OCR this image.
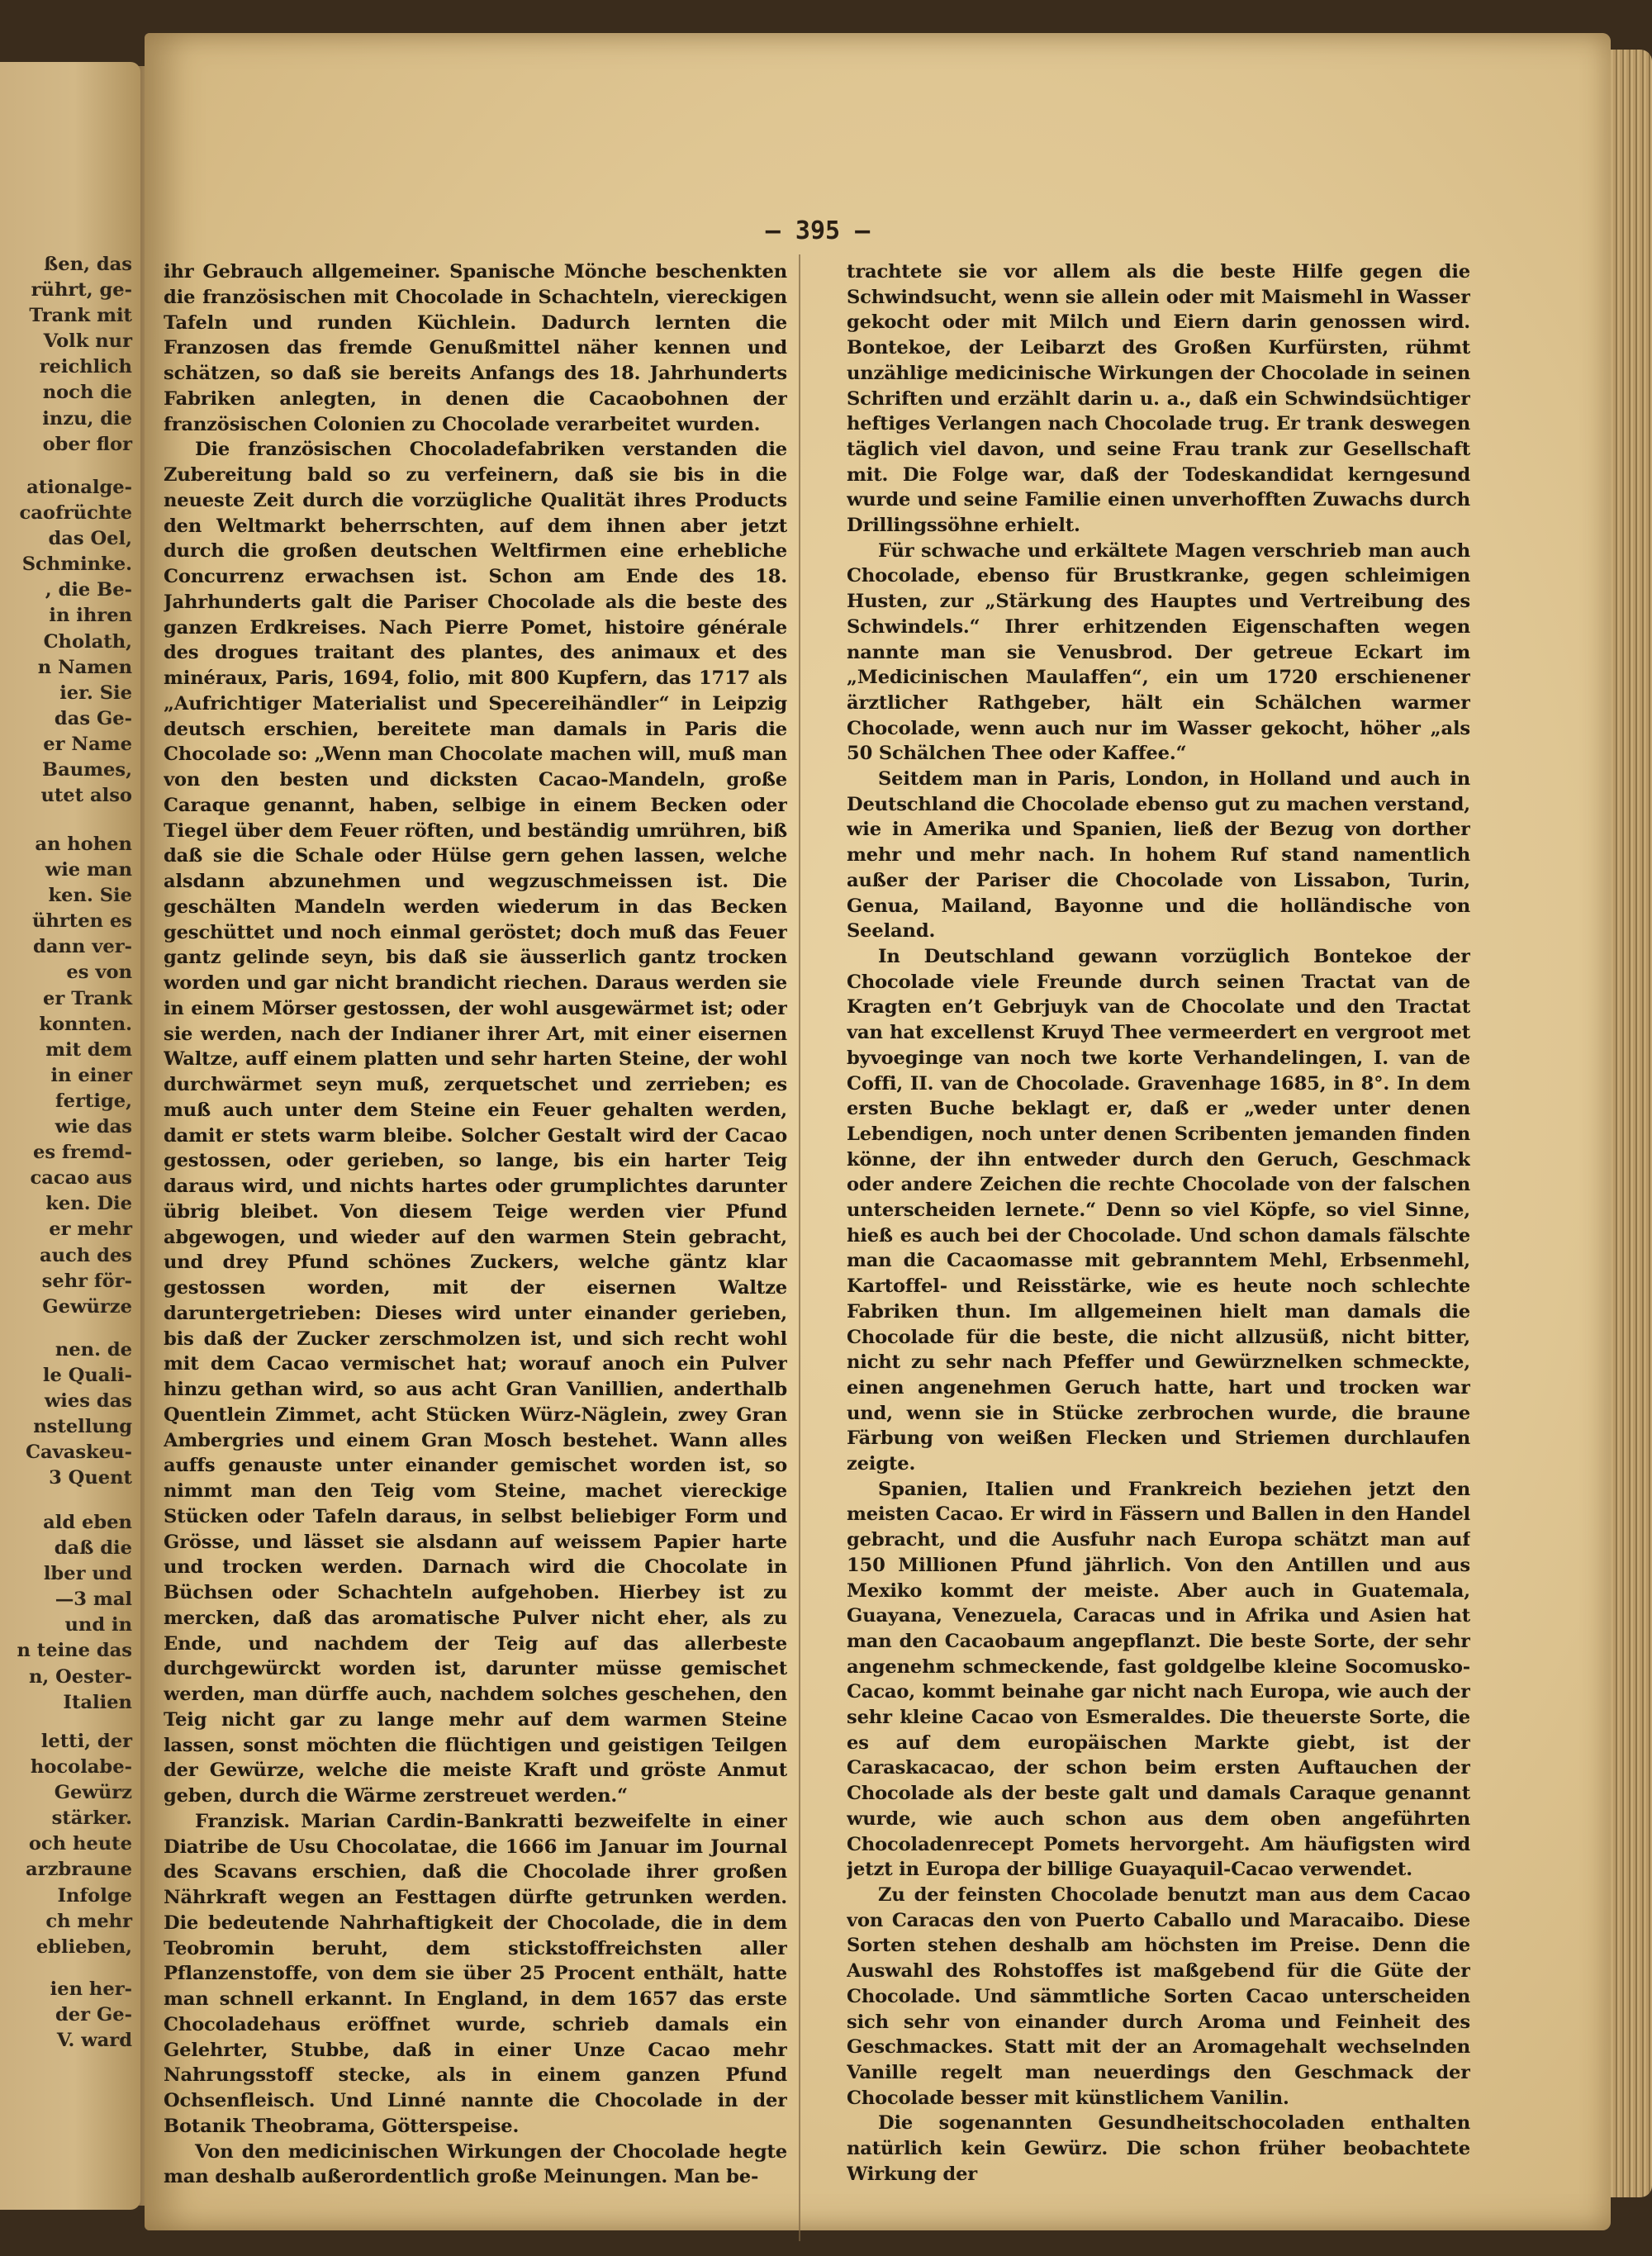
ßen, das
rührt, ge-
Trank mit
Volk nur
reichlich
noch die
inzu, die
ober flor

ationalge-
caofrüchte
das Oel,
Schminke.
, die Be-
in ihren
Cholath,
n Namen
ier. Sie
das Ge-
er Name
Baumes,
utet also

an hohen
wie man
ken. Sie
ührten es
dann ver-
es von
er Trank
konnten.
mit dem
in einer
fertige,
wie das
es fremd-
cacao aus
ken. Die
er mehr
auch des
sehr för-
Gewürze

nen. de
le Quali-
wies das
nstellung
Cavaskeu-
3 Quent

ald eben
daß die
lber und
—3 mal
und in
n teine das
n, Oester-
Italien

letti, der
hocolabe-
Gewürz
stärker.
och heute
arzbraune
Infolge
ch mehr
eblieben,

ien her-
der Ge-
V. ward

— 395 —

ihr Gebrauch allgemeiner. Spanische Mönche beschenkten die französischen mit Chocolade in Schachteln, viereckigen Tafeln und runden Küchlein. Dadurch lernten die Franzosen das fremde Genußmittel näher kennen und schätzen, so daß sie bereits Anfangs des 18. Jahrhunderts Fabriken anlegten, in denen die Cacaobohnen der französischen Colonien zu Chocolade verarbeitet wurden.

Die französischen Chocoladefabriken verstanden die Zubereitung bald so zu verfeinern, daß sie bis in die neueste Zeit durch die vorzügliche Qualität ihres Products den Weltmarkt beherrschten, auf dem ihnen aber jetzt durch die großen deutschen Weltfirmen eine erhebliche Concurrenz erwachsen ist. Schon am Ende des 18. Jahrhunderts galt die Pariser Chocolade als die beste des ganzen Erdkreises. Nach Pierre Pomet, histoire générale des drogues traitant des plantes, des animaux et des minéraux, Paris, 1694, folio, mit 800 Kupfern, das 1717 als „Aufrichtiger Materialist und Specereihändler“ in Leipzig deutsch erschien, bereitete man damals in Paris die Chocolade so: „Wenn man Chocolate machen will, muß man von den besten und dicksten Cacao-Mandeln, große Caraque genannt, haben, selbige in einem Becken oder Tiegel über dem Feuer röften, und beständig umrühren, biß daß sie die Schale oder Hülse gern gehen lassen, welche alsdann abzunehmen und wegzuschmeissen ist. Die geschälten Mandeln werden wiederum in das Becken geschüttet und noch einmal geröstet; doch muß das Feuer gantz gelinde seyn, bis daß sie äusserlich gantz trocken worden und gar nicht brandicht riechen. Daraus werden sie in einem Mörser gestossen, der wohl ausgewärmet ist; oder sie werden, nach der Indianer ihrer Art, mit einer eisernen Waltze, auff einem platten und sehr harten Steine, der wohl durchwärmet seyn muß, zerquetschet und zerrieben; es muß auch unter dem Steine ein Feuer gehalten werden, damit er stets warm bleibe. Solcher Gestalt wird der Cacao gestossen, oder gerieben, so lange, bis ein harter Teig daraus wird, und nichts hartes oder grumplichtes darunter übrig bleibet. Von diesem Teige werden vier Pfund abgewogen, und wieder auf den warmen Stein gebracht, und drey Pfund schönes Zuckers, welche gäntz klar gestossen worden, mit der eisernen Waltze daruntergetrieben: Dieses wird unter einander gerieben, bis daß der Zucker zerschmolzen ist, und sich recht wohl mit dem Cacao vermischet hat; worauf anoch ein Pulver hinzu gethan wird, so aus acht Gran Vanillien, anderthalb Quentlein Zimmet, acht Stücken Würz-Näglein, zwey Gran Ambergries und einem Gran Mosch bestehet. Wann alles auffs genauste unter einander gemischet worden ist, so nimmt man den Teig vom Steine, machet viereckige Stücken oder Tafeln daraus, in selbst beliebiger Form und Grösse, und lässet sie alsdann auf weissem Papier harte und trocken werden. Darnach wird die Chocolate in Büchsen oder Schachteln aufgehoben. Hierbey ist zu mercken, daß das aromatische Pulver nicht eher, als zu Ende, und nachdem der Teig auf das allerbeste durchgewürckt worden ist, darunter müsse gemischet werden, man dürffe auch, nachdem solches geschehen, den Teig nicht gar zu lange mehr auf dem warmen Steine lassen, sonst möchten die flüchtigen und geistigen Teilgen der Gewürze, welche die meiste Kraft und gröste Anmut geben, durch die Wärme zerstreuet werden.“

Franzisk. Marian Cardin-Bankratti bezweifelte in einer Diatribe de Usu Chocolatae, die 1666 im Januar im Journal des Scavans erschien, daß die Chocolade ihrer großen Nährkraft wegen an Festtagen dürfte getrunken werden. Die bedeutende Nahrhaftigkeit der Chocolade, die in dem Teobromin beruht, dem stickstoffreichsten aller Pflanzenstoffe, von dem sie über 25 Procent enthält, hatte man schnell erkannt. In England, in dem 1657 das erste Chocoladehaus eröffnet wurde, schrieb damals ein Gelehrter, Stubbe, daß in einer Unze Cacao mehr Nahrungsstoff stecke, als in einem ganzen Pfund Ochsenfleisch. Und Linné nannte die Chocolade in der Botanik Theobrama, Götterspeise.

Von den medicinischen Wirkungen der Chocolade hegte man deshalb außerordentlich große Meinungen. Man be-

trachtete sie vor allem als die beste Hilfe gegen die Schwindsucht, wenn sie allein oder mit Maismehl in Wasser gekocht oder mit Milch und Eiern darin genossen wird. Bontekoe, der Leibarzt des Großen Kurfürsten, rühmt unzählige medicinische Wirkungen der Chocolade in seinen Schriften und erzählt darin u. a., daß ein Schwindsüchtiger heftiges Verlangen nach Chocolade trug. Er trank deswegen täglich viel davon, und seine Frau trank zur Gesellschaft mit. Die Folge war, daß der Todeskandidat kerngesund wurde und seine Familie einen unverhofften Zuwachs durch Drillingssöhne erhielt.

Für schwache und erkältete Magen verschrieb man auch Chocolade, ebenso für Brustkranke, gegen schleimigen Husten, zur „Stärkung des Hauptes und Vertreibung des Schwindels.“ Ihrer erhitzenden Eigenschaften wegen nannte man sie Venusbrod. Der getreue Eckart im „Medicinischen Maulaffen“, ein um 1720 erschienener ärztlicher Rathgeber, hält ein Schälchen warmer Chocolade, wenn auch nur im Wasser gekocht, höher „als 50 Schälchen Thee oder Kaffee.“

Seitdem man in Paris, London, in Holland und auch in Deutschland die Chocolade ebenso gut zu machen verstand, wie in Amerika und Spanien, ließ der Bezug von dorther mehr und mehr nach. In hohem Ruf stand namentlich außer der Pariser die Chocolade von Lissabon, Turin, Genua, Mailand, Bayonne und die holländische von Seeland.

In Deutschland gewann vorzüglich Bontekoe der Chocolade viele Freunde durch seinen Tractat van de Kragten en’t Gebrjuyk van de Chocolate und den Tractat van hat excellenst Kruyd Thee vermeerdert en vergroot met byvoeginge van noch twe korte Verhandelingen, I. van de Coffi, II. van de Chocolade. Gravenhage 1685, in 8°. In dem ersten Buche beklagt er, daß er „weder unter denen Lebendigen, noch unter denen Scribenten jemanden finden könne, der ihn entweder durch den Geruch, Geschmack oder andere Zeichen die rechte Chocolade von der falschen unterscheiden lernete.“ Denn so viel Köpfe, so viel Sinne, hieß es auch bei der Chocolade. Und schon damals fälschte man die Cacaomasse mit gebranntem Mehl, Erbsenmehl, Kartoffel- und Reisstärke, wie es heute noch schlechte Fabriken thun. Im allgemeinen hielt man damals die Chocolade für die beste, die nicht allzusüß, nicht bitter, nicht zu sehr nach Pfeffer und Gewürznelken schmeckte, einen angenehmen Geruch hatte, hart und trocken war und, wenn sie in Stücke zerbrochen wurde, die braune Färbung von weißen Flecken und Striemen durchlaufen zeigte.

Spanien, Italien und Frankreich beziehen jetzt den meisten Cacao. Er wird in Fässern und Ballen in den Handel gebracht, und die Ausfuhr nach Europa schätzt man auf 150 Millionen Pfund jährlich. Von den Antillen und aus Mexiko kommt der meiste. Aber auch in Guatemala, Guayana, Venezuela, Caracas und in Afrika und Asien hat man den Cacaobaum angepflanzt. Die beste Sorte, der sehr angenehm schmeckende, fast goldgelbe kleine Socomusko-Cacao, kommt beinahe gar nicht nach Europa, wie auch der sehr kleine Cacao von Esmeraldes. Die theuerste Sorte, die es auf dem europäischen Markte giebt, ist der Caraskacacao, der schon beim ersten Auftauchen der Chocolade als der beste galt und damals Caraque genannt wurde, wie auch schon aus dem oben angeführten Chocoladenrecept Pomets hervorgeht. Am häufigsten wird jetzt in Europa der billige Guayaquil-Cacao verwendet.

Zu der feinsten Chocolade benutzt man aus dem Cacao von Caracas den von Puerto Caballo und Maracaibo. Diese Sorten stehen deshalb am höchsten im Preise. Denn die Auswahl des Rohstoffes ist maßgebend für die Güte der Chocolade. Und sämmtliche Sorten Cacao unterscheiden sich sehr von einander durch Aroma und Feinheit des Geschmackes. Statt mit der an Aromagehalt wechselnden Vanille regelt man neuerdings den Geschmack der Chocolade besser mit künstlichem Vanilin.

Die sogenannten Gesundheitschocoladen enthalten natürlich kein Gewürz. Die schon früher beobachtete Wirkung der
